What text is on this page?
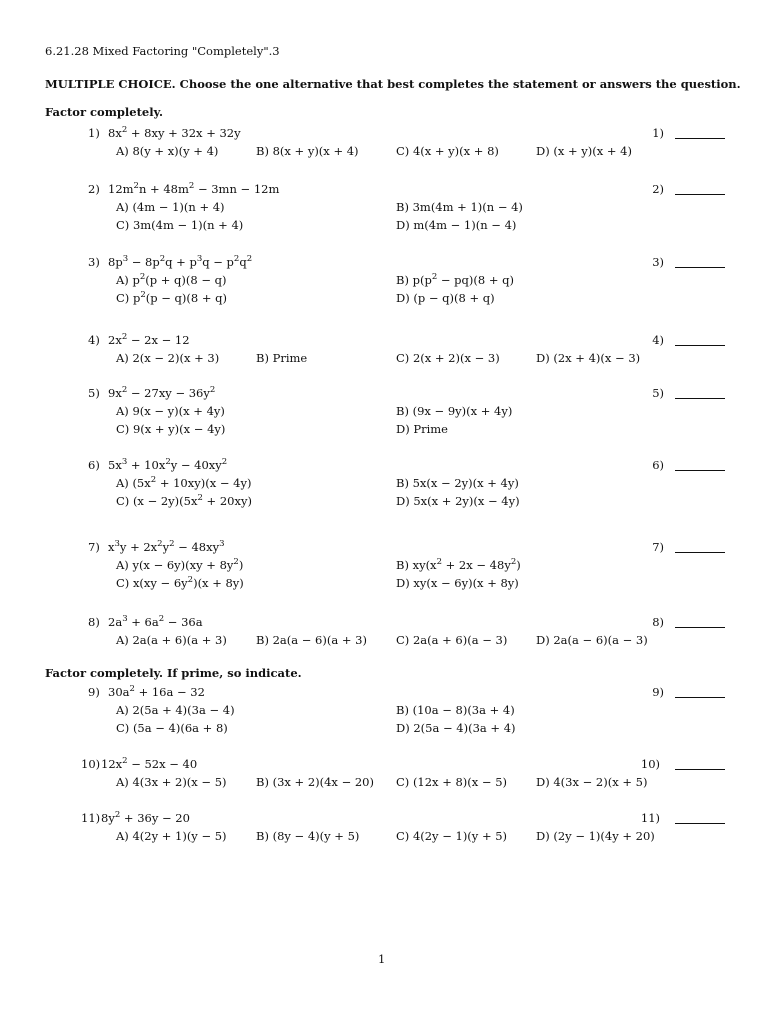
6.21.28 Mixed Factoring "Completely".3
MULTIPLE CHOICE. Choose the one alternative that best completes the statement or answers the question.
Factor completely.
Factor completely. If prime, so indicate.
1) $8x^2 + 8xy + 32x + 32y$	1)
A) 8(y + x)(y + 4)	B) 8(x + y)(x + 4)	C) 4(x + y)(x + 8)	D) (x + y)(x + 4)
2) $12m^2n + 48m^2 - 3mn - 12m$	2)
A) (4m − 1)(n + 4)	B) 3m(4m + 1)(n − 4)
C) 3m(4m − 1)(n + 4)	D) m(4m − 1)(n − 4)
3) $8p^3 - 8p^2q + p^3q - p^2q^2$	3)
A) $p^2(p + q)(8 - q)$	B) $p(p^2 - pq)(8 + q)$
C) $p^2(p - q)(8 + q)$	D) (p − q)(8 + q)
4) $2x^2 - 2x - 12$	4)
A) 2(x − 2)(x + 3)	B) Prime	C) 2(x + 2)(x − 3)	D) (2x + 4)(x − 3)
5) $9x^2 - 27xy - 36y^2$	5)
A) 9(x − y)(x + 4y)	B) (9x − 9y)(x + 4y)
C) 9(x + y)(x − 4y)	D) Prime
6) $5x^3 + 10x^2y - 40xy^2$	6)
A) $(5x^2 + 10xy)(x - 4y)$	B) 5x(x − 2y)(x + 4y)
C) $(x - 2y)(5x^2 + 20xy)$	D) 5x(x + 2y)(x − 4y)
7) $x^3y + 2x^2y^2 - 48xy^3$	7)
A) $y(x - 6y)(xy + 8y^2)$	B) $xy(x^2 + 2x - 48y^2)$
C) $x(xy - 6y^2)(x + 8y)$	D) xy(x − 6y)(x + 8y)
8) $2a^3 + 6a^2 - 36a$	8)
A) 2a(a + 6)(a + 3)	B) 2a(a − 6)(a + 3)	C) 2a(a + 6)(a − 3) D) 2a(a − 6)(a − 3)
9) $30a^2 + 16a - 32$	9)
A) 2(5a + 4)(3a − 4)	B) (10a − 8)(3a + 4)
C) (5a − 4)(6a + 8)	D) 2(5a − 4)(3a + 4)
10) $12x^2 - 52x - 40$	10)
A) 4(3x + 2)(x − 5)	B) (3x + 2)(4x − 20) C) (12x + 8)(x − 5)	D) 4(3x − 2)(x + 5)
11) $8y^2 + 36y - 20$	11)
A) 4(2y + 1)(y − 5)	B) (8y − 4)(y + 5)	C) 4(2y − 1)(y + 5)	D) (2y − 1)(4y + 20)
1
